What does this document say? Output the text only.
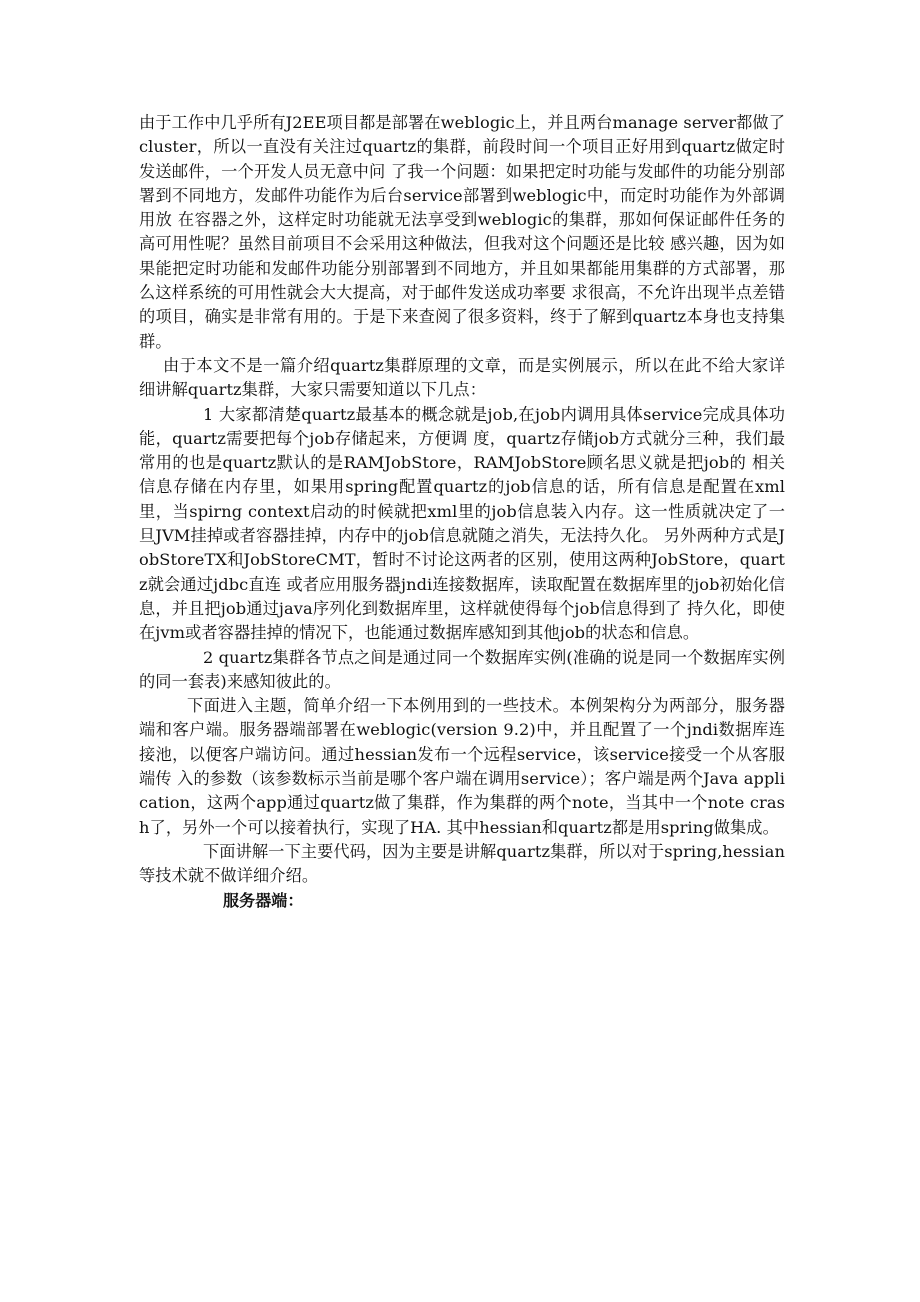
由于工作中几乎所有J2EE项目都是部署在weblogic上，并且两台manage server都做了cluster，所以一直没有关注过quartz的集群，前段时间一个项目正好用到quartz做定时发送邮件，一个开发人员无意中问 了我一个问题：如果把定时功能与发邮件的功能分别部署到不同地方，发邮件功能作为后台service部署到weblogic中，而定时功能作为外部调用放 在容器之外，这样定时功能就无法享受到weblogic的集群，那如何保证邮件任务的高可用性呢？虽然目前项目不会采用这种做法，但我对这个问题还是比较 感兴趣，因为如果能把定时功能和发邮件功能分别部署到不同地方，并且如果都能用集群的方式部署，那么这样系统的可用性就会大大提高，对于邮件发送成功率要 求很高，不允许出现半点差错的项目，确实是非常有用的。于是下来查阅了很多资料，终于了解到quartz本身也支持集群。

由于本文不是一篇介绍quartz集群原理的文章，而是实例展示，所以在此不给大家详细讲解quartz集群，大家只需要知道以下几点：

1 大家都清楚quartz最基本的概念就是job,在job内调用具体service完成具体功能，quartz需要把每个job存储起来，方便调 度，quartz存储job方式就分三种，我们最常用的也是quartz默认的是RAMJobStore，RAMJobStore顾名思义就是把job的 相关信息存储在内存里，如果用spring配置quartz的job信息的话，所有信息是配置在xml里，当spirng context启动的时候就把xml里的job信息装入内存。这一性质就决定了一旦JVM挂掉或者容器挂掉，内存中的job信息就随之消失，无法持久化。 另外两种方式是JobStoreTX和JobStoreCMT，暂时不讨论这两者的区别，使用这两种JobStore，quartz就会通过jdbc直连 或者应用服务器jndi连接数据库，读取配置在数据库里的job初始化信息，并且把job通过java序列化到数据库里，这样就使得每个job信息得到了 持久化，即使在jvm或者容器挂掉的情况下，也能通过数据库感知到其他job的状态和信息。

2 quartz集群各节点之间是通过同一个数据库实例(准确的说是同一个数据库实例的同一套表)来感知彼此的。

下面进入主题，简单介绍一下本例用到的一些技术。本例架构分为两部分，服务器端和客户端。服务器端部署在weblogic(version 9.2)中，并且配置了一个jndi数据库连接池，以便客户端访问。通过hessian发布一个远程service，该service接受一个从客服端传 入的参数（该参数标示当前是哪个客户端在调用service）；客户端是两个Java application，这两个app通过quartz做了集群，作为集群的两个note，当其中一个note crash了，另外一个可以接着执行，实现了HA. 其中hessian和quartz都是用spring做集成。

下面讲解一下主要代码，因为主要是讲解quartz集群，所以对于spring,hessian等技术就不做详细介绍。

服务器端：
